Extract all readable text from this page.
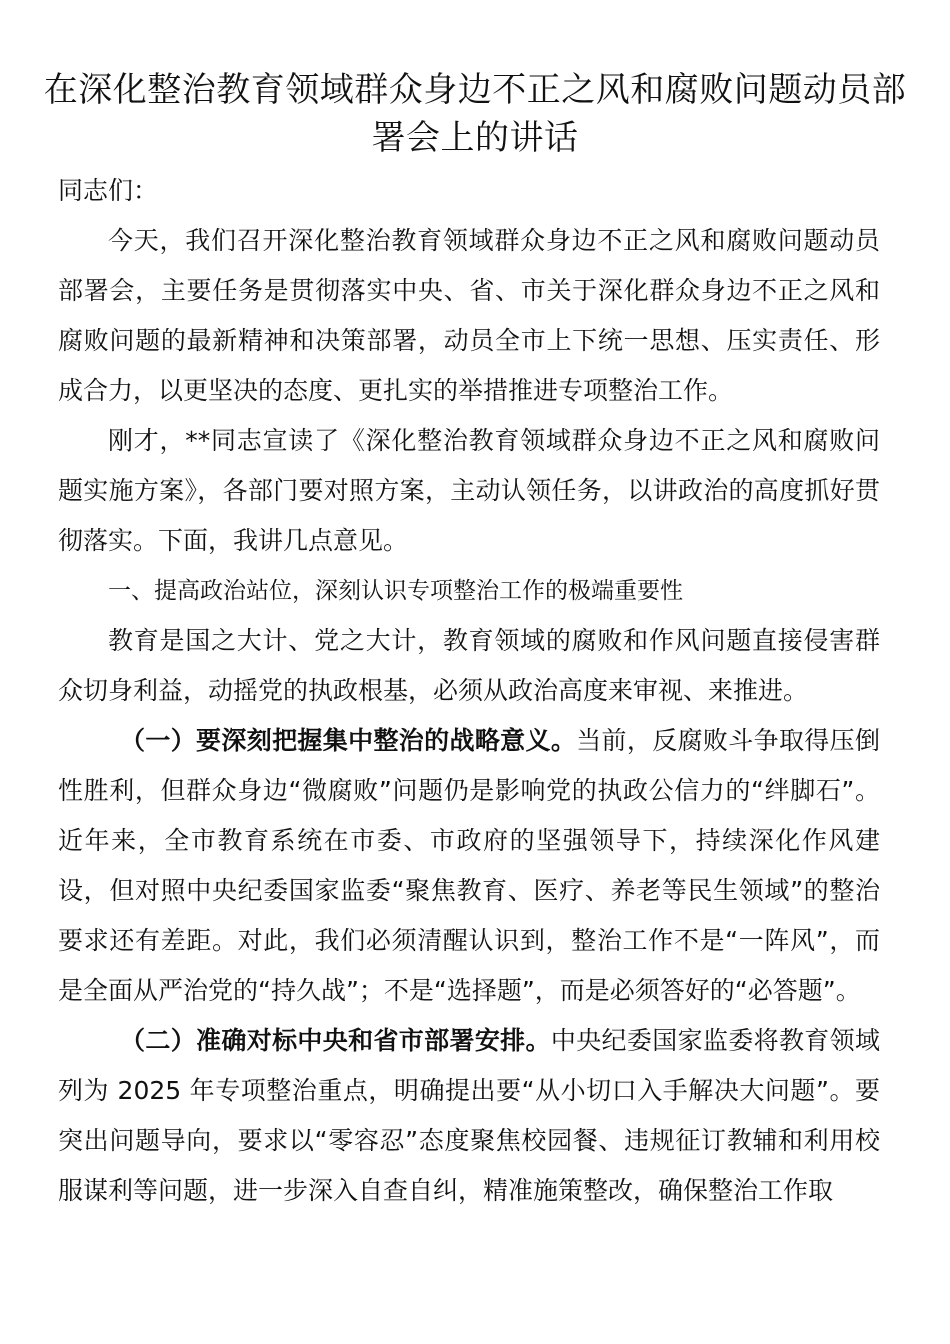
在深化整治教育领域群众身边不正之风和腐败问题动员部署会上的讲话

同志们：

今天，我们召开深化整治教育领域群众身边不正之风和腐败问题动员部署会，主要任务是贯彻落实中央、省、市关于深化群众身边不正之风和腐败问题的最新精神和决策部署，动员全市上下统一思想、压实责任、形成合力，以更坚决的态度、更扎实的举措推进专项整治工作。

刚才，**同志宣读了《深化整治教育领域群众身边不正之风和腐败问题实施方案》，各部门要对照方案，主动认领任务，以讲政治的高度抓好贯彻落实。下面，我讲几点意见。

一、提高政治站位，深刻认识专项整治工作的极端重要性

教育是国之大计、党之大计，教育领域的腐败和作风问题直接侵害群众切身利益，动摇党的执政根基，必须从政治高度来审视、来推进。

（一）要深刻把握集中整治的战略意义。当前，反腐败斗争取得压倒性胜利，但群众身边“微腐败”问题仍是影响党的执政公信力的“绊脚石”。近年来，全市教育系统在市委、市政府的坚强领导下，持续深化作风建设，但对照中央纪委国家监委“聚焦教育、医疗、养老等民生领域”的整治要求还有差距。对此，我们必须清醒认识到，整治工作不是“一阵风”，而是全面从严治党的“持久战”；不是“选择题”，而是必须答好的“必答题”。

（二）准确对标中央和省市部署安排。中央纪委国家监委将教育领域列为 2025 年专项整治重点，明确提出要“从小切口入手解决大问题”。要突出问题导向，要求以“零容忍”态度聚焦校园餐、违规征订教辅和利用校服谋利等问题，进一步深入自查自纠，精准施策整改，确保整治工作取
